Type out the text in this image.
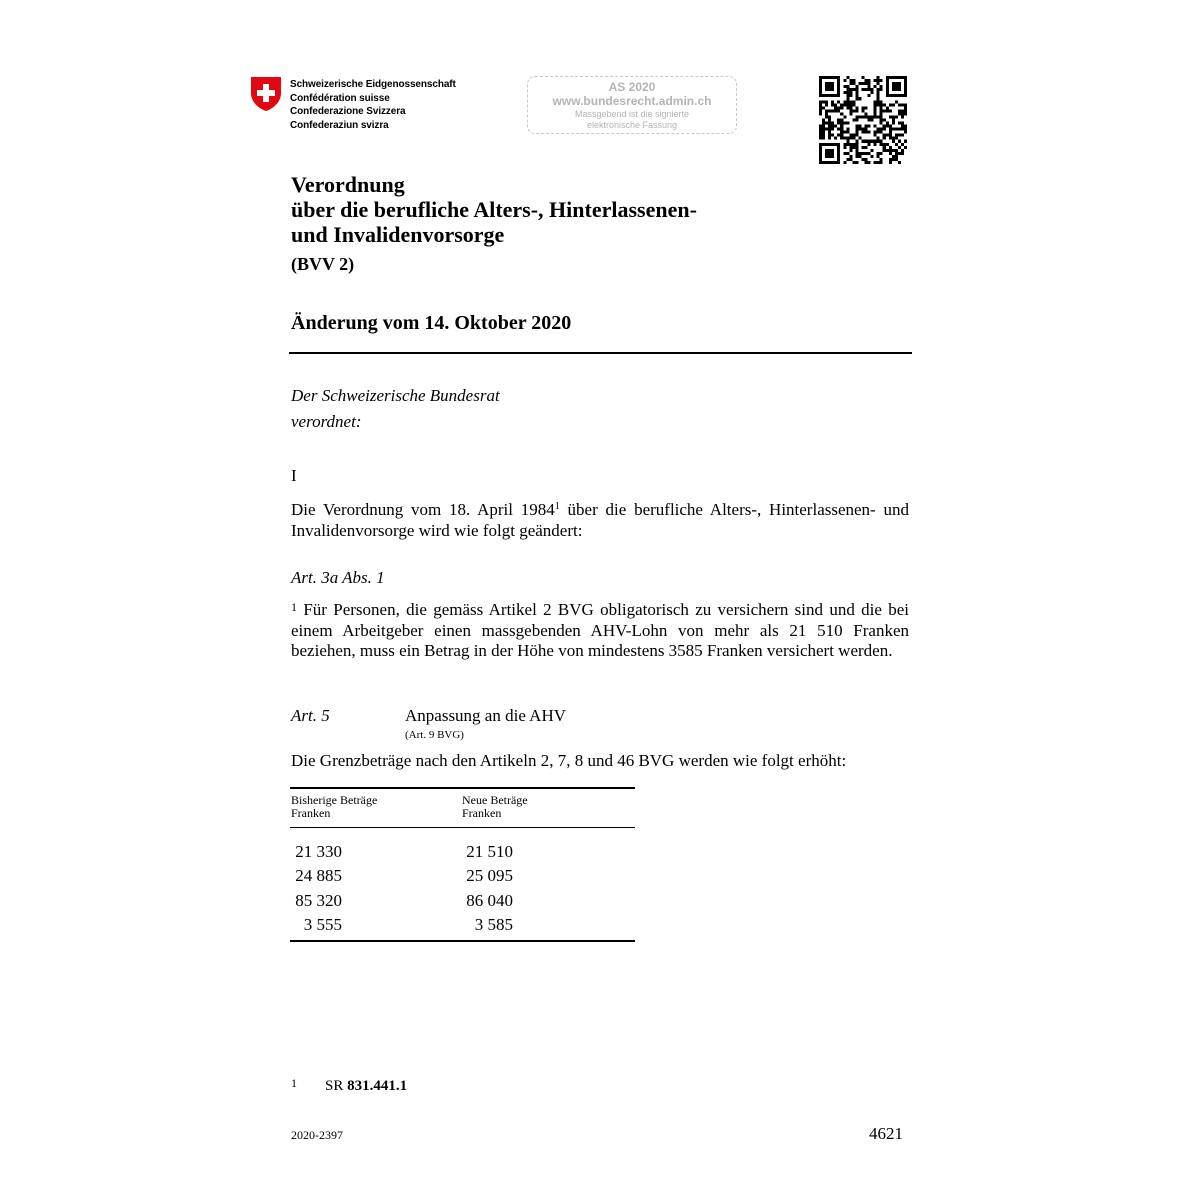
Schweizerische Eidgenossenschaft
Confédération suisse
Confederazione Svizzera
Confederaziun svizra
AS 2020
www.bundesrecht.admin.ch
Massgebend ist die signierte
elektronische Fassung
Verordnung
über die berufliche Alters-, Hinterlassenen-
und Invalidenvorsorge
(BVV 2)
Änderung vom 14. Oktober 2020
Der Schweizerische Bundesrat
verordnet:
I
Die Verordnung vom 18. April 1984$^1$ über die berufliche Alters-, Hinterlassenen- und Invalidenvorsorge wird wie folgt geändert:
Art. 3a Abs. 1
$^1$ Für Personen, die gemäss Artikel 2 BVG obligatorisch zu versichern sind und die bei einem Arbeitgeber einen massgebenden AHV-Lohn von mehr als 21 510 Franken beziehen, muss ein Betrag in der Höhe von mindestens 3585 Franken versichert werden.
Art. 5	Anpassung an die AHV
(Art. 9 BVG)
Die Grenzbeträge nach den Artikeln 2, 7, 8 und 46 BVG werden wie folgt erhöht:
Bisherige Beträge
Franken
Neue Beträge
Franken
21 330
24 885
85 320
3 555
21 510
25 095
86 040
3 585
1 SR 831.441.1
2020-2397	4621
